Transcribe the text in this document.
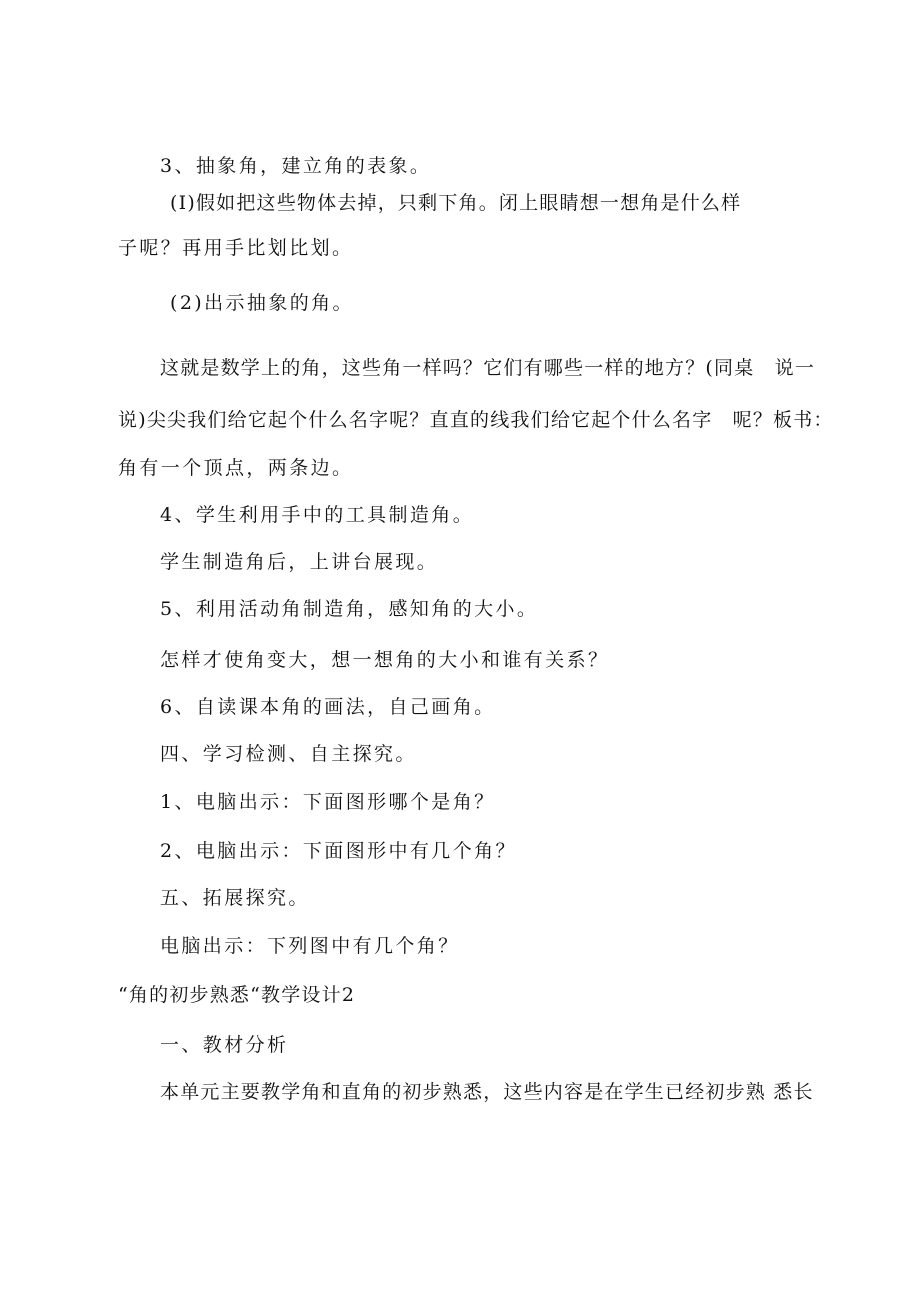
3、抽象角，建立角的表象。
(I)假如把这些物体去掉，只剩下角。闭上眼睛想一想角是什么样
子呢？再用手比划比划。
(2)出示抽象的角。
这就是数学上的角，这些角一样吗？它们有哪些一样的地方？(同桌　说一
说)尖尖我们给它起个什么名字呢？直直的线我们给它起个什么名字　呢？板书：
角有一个顶点，两条边。
4、学生利用手中的工具制造角。
学生制造角后，上讲台展现。
5、利用活动角制造角，感知角的大小。
怎样才使角变大，想一想角的大小和谁有关系？
6、自读课本角的画法，自己画角。
四、学习检测、自主探究。
1、电脑出示：下面图形哪个是角？
2、电脑出示：下面图形中有几个角？
五、拓展探究。
电脑出示：下列图中有几个角？
“角的初步熟悉“教学设计2
一、教材分析
本单元主要教学角和直角的初步熟悉，这些内容是在学生已经初步熟 悉长
